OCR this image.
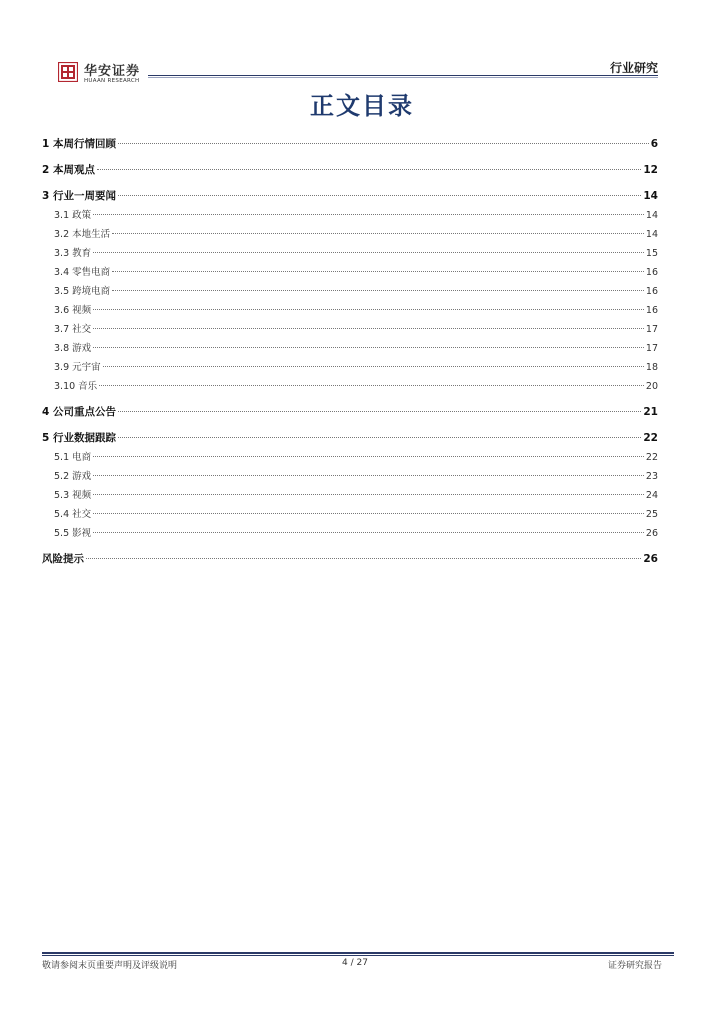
华安证券
HUAAN RESEARCH
行业研究
正文目录
1 本周行情回顾	6
2 本周观点	12
3 行业一周要闻	14
3.1 政策	14
3.2 本地生活	14
3.3 教育	15
3.4 零售电商	16
3.5 跨境电商	16
3.6 视频	16
3.7 社交	17
3.8 游戏	17
3.9 元宇宙	18
3.10 音乐	20
4 公司重点公告	21
5 行业数据跟踪	22
5.1 电商	22
5.2 游戏	23
5.3 视频	24
5.4 社交	25
5.5 影视	26
风险提示	26
敬请参阅末页重要声明及评级说明	4 / 27	证券研究报告
